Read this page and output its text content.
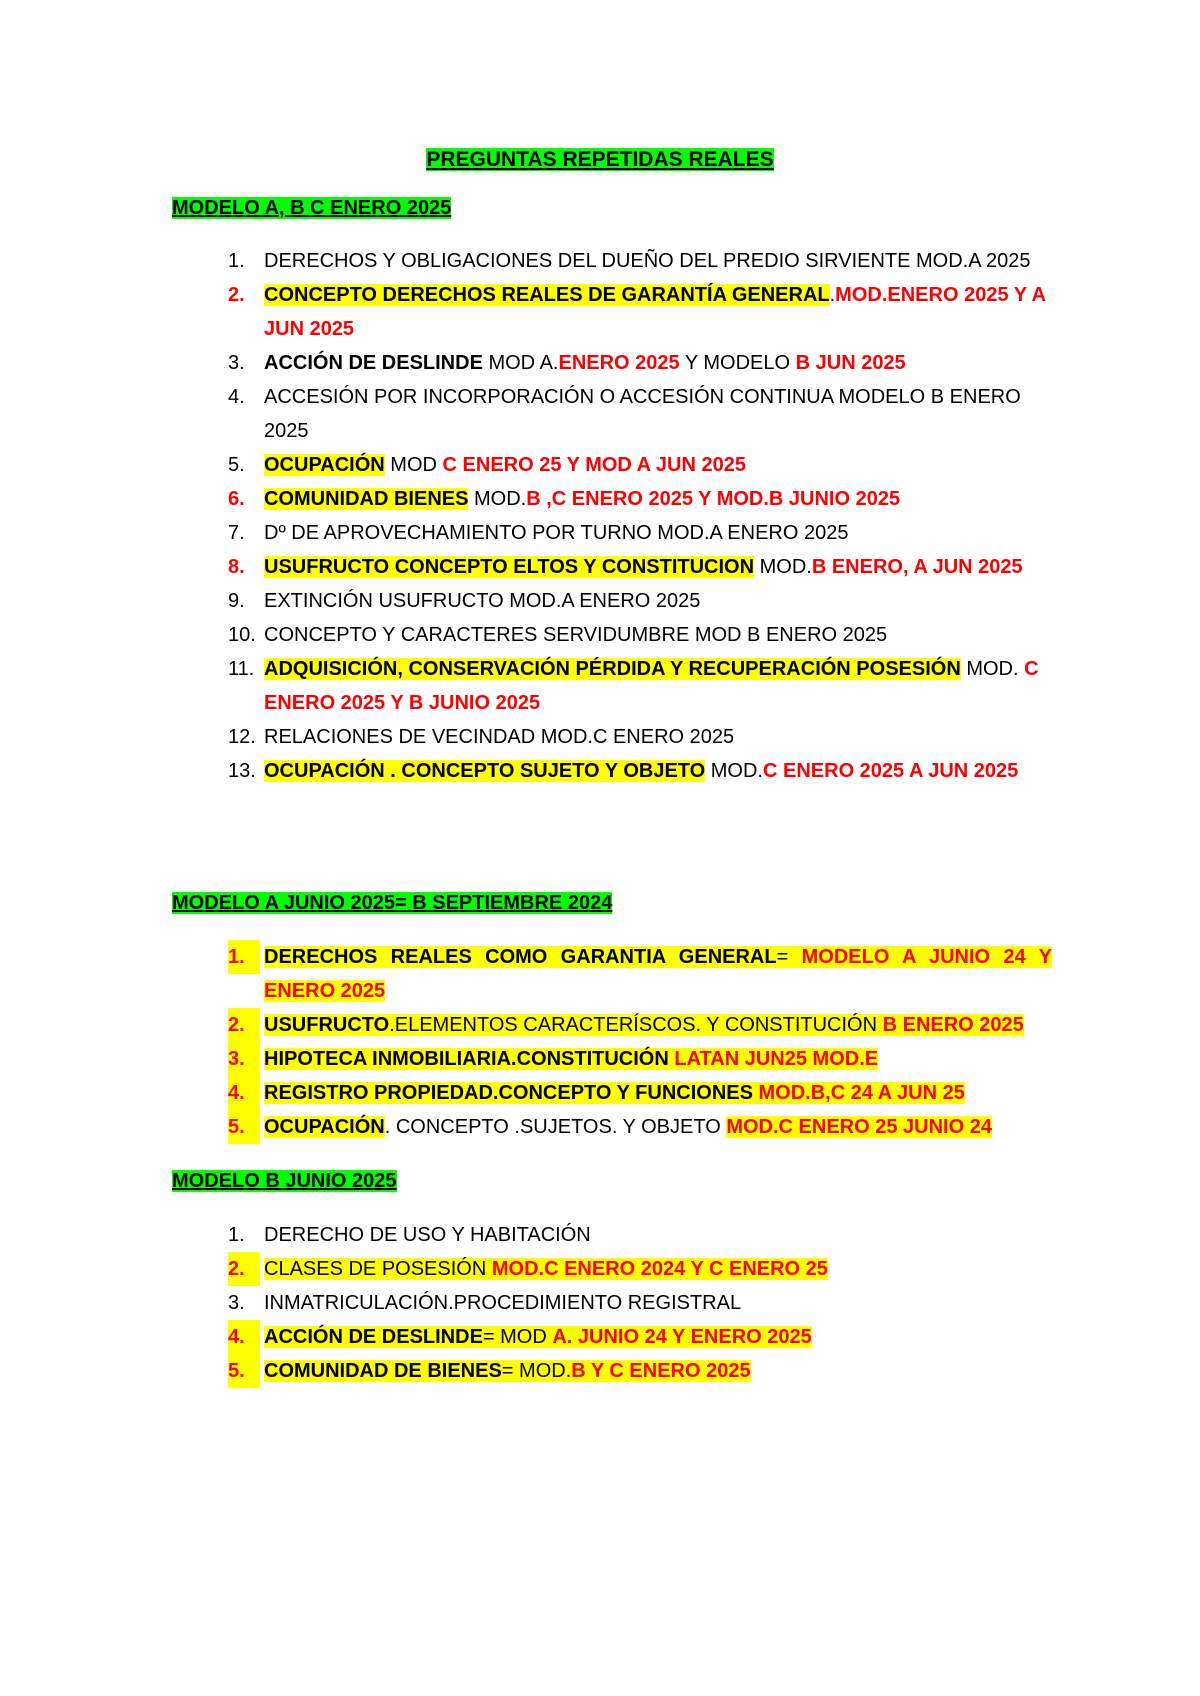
PREGUNTAS REPETIDAS REALES
MODELO A, B C ENERO 2025
1. DERECHOS Y OBLIGACIONES DEL DUEÑO DEL PREDIO SIRVIENTE MOD.A 2025
2. CONCEPTO DERECHOS REALES DE GARANTÍA GENERAL.MOD.ENERO 2025 Y A JUN 2025
3. ACCIÓN DE DESLINDE MOD A.ENERO 2025 Y MODELO B JUN 2025
4. ACCESIÓN POR INCORPORACIÓN O ACCESIÓN CONTINUA MODELO B ENERO 2025
5. OCUPACIÓN MOD C ENERO 25 Y MOD A JUN 2025
6. COMUNIDAD BIENES MOD.B ,C ENERO 2025 Y MOD.B JUNIO 2025
7. Dº DE APROVECHAMIENTO POR TURNO MOD.A ENERO 2025
8. USUFRUCTO CONCEPTO ELTOS Y CONSTITUCION MOD.B ENERO, A JUN 2025
9. EXTINCIÓN USUFRUCTO MOD.A ENERO 2025
10. CONCEPTO Y CARACTERES SERVIDUMBRE MOD B ENERO 2025
11. ADQUISICIÓN, CONSERVACIÓN PÉRDIDA Y RECUPERACIÓN POSESIÓN MOD. C ENERO 2025 Y B JUNIO 2025
12. RELACIONES DE VECINDAD MOD.C ENERO 2025
13. OCUPACIÓN . CONCEPTO SUJETO Y OBJETO MOD.C ENERO 2025 A JUN 2025
MODELO A JUNIO 2025= B SEPTIEMBRE 2024
1. DERECHOS REALES COMO GARANTIA GENERAL= MODELO A JUNIO 24 Y ENERO 2025
2. USUFRUCTO.ELEMENTOS CARACTERÍSCOS. Y CONSTITUCIÓN B ENERO 2025
3. HIPOTECA INMOBILIARIA.CONSTITUCIÓN LATAN JUN25 MOD.E
4. REGISTRO PROPIEDAD.CONCEPTO Y FUNCIONES MOD.B,C 24 A JUN 25
5. OCUPACIÓN. CONCEPTO .SUJETOS. Y OBJETO MOD.C ENERO 25 JUNIO 24
MODELO B JUNIO 2025
1. DERECHO DE USO Y HABITACIÓN
2. CLASES DE POSESIÓN MOD.C ENERO 2024 Y C ENERO 25
3. INMATRICULACIÓN.PROCEDIMIENTO REGISTRAL
4. ACCIÓN DE DESLINDE= MOD A. JUNIO 24 Y ENERO 2025
5. COMUNIDAD DE BIENES= MOD.B Y C ENERO 2025
